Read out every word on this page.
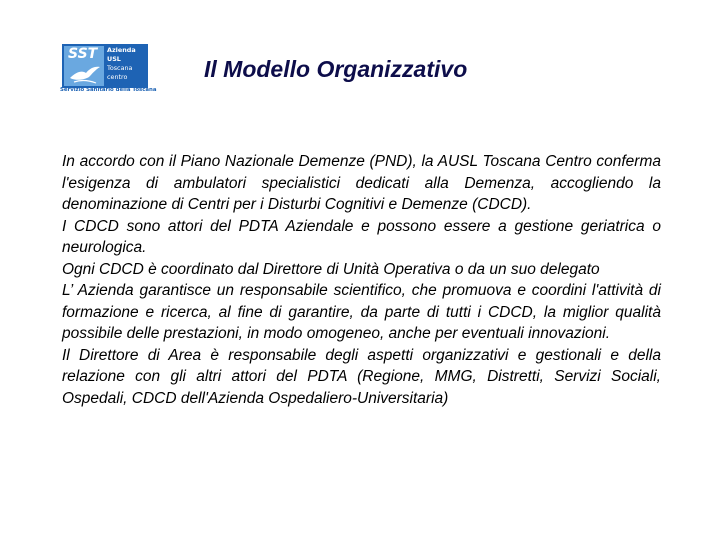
SST Azienda
USL
Toscana
centro
Servizio Sanitario della Toscana
Il Modello Organizzativo

In accordo con il Piano Nazionale Demenze (PND), la AUSL Toscana Centro conferma l'esigenza di ambulatori specialistici dedicati alla Demenza, accogliendo la denominazione di Centri per i Disturbi Cognitivi e Demenze (CDCD).

I CDCD sono attori del PDTA Aziendale e possono essere a gestione geriatrica o neurologica.

Ogni CDCD è coordinato dal Direttore di Unità Operativa o da un suo delegato

L’ Azienda garantisce un responsabile scientifico, che promuova e coordini l'attività di formazione e ricerca, al fine di garantire, da parte di tutti i CDCD, la miglior qualità possibile delle prestazioni, in modo omogeneo, anche per eventuali innovazioni.

Il Direttore di Area è responsabile degli aspetti organizzativi e gestionali e della relazione con gli altri attori del PDTA (Regione, MMG, Distretti, Servizi Sociali, Ospedali, CDCD dell'Azienda Ospedaliero-Universitaria)
